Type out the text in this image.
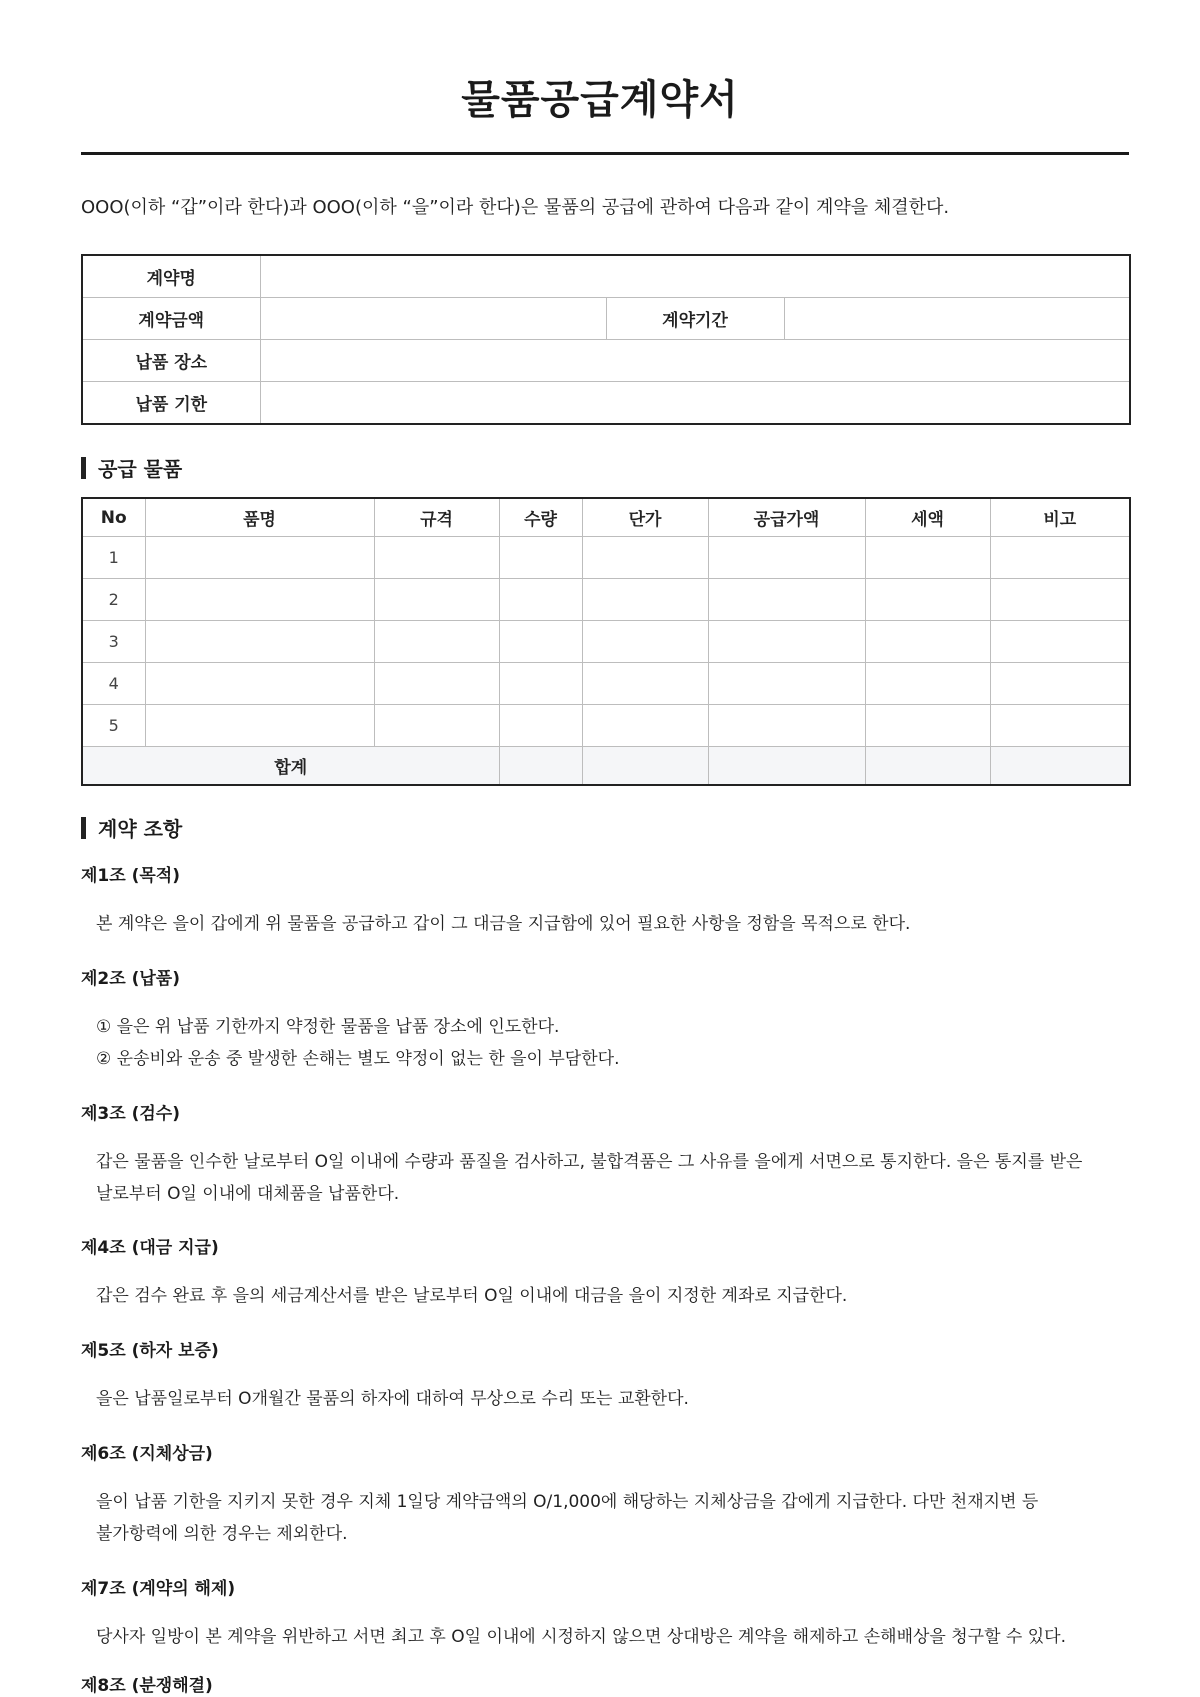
물품공급계약서
OOO(이하 “갑”이라 한다)과 OOO(이하 “을”이라 한다)은 물품의 공급에 관하여 다음과 같이 계약을 체결한다.
계약명			
계약금액		계약기간	
납품 장소			
납품 기한			
공급 물품
No	품명	규격	수량	단가	공급가액	세액	비고
1							
2							
3							
4							
5							
합계							
계약 조항
제1조 (목적)
본 계약은 을이 갑에게 위 물품을 공급하고 갑이 그 대금을 지급함에 있어 필요한 사항을 정함을 목적으로 한다.
제2조 (납품)
① 을은 위 납품 기한까지 약정한 물품을 납품 장소에 인도한다.
② 운송비와 운송 중 발생한 손해는 별도 약정이 없는 한 을이 부담한다.
제3조 (검수)
갑은 물품을 인수한 날로부터 O일 이내에 수량과 품질을 검사하고, 불합격품은 그 사유를 을에게 서면으로 통지한다. 을은 통지를 받은
날로부터 O일 이내에 대체품을 납품한다.
제4조 (대금 지급)
갑은 검수 완료 후 을의 세금계산서를 받은 날로부터 O일 이내에 대금을 을이 지정한 계좌로 지급한다.
제5조 (하자 보증)
을은 납품일로부터 O개월간 물품의 하자에 대하여 무상으로 수리 또는 교환한다.
제6조 (지체상금)
을이 납품 기한을 지키지 못한 경우 지체 1일당 계약금액의 O/1,000에 해당하는 지체상금을 갑에게 지급한다. 다만 천재지변 등
불가항력에 의한 경우는 제외한다.
제7조 (계약의 해제)
당사자 일방이 본 계약을 위반하고 서면 최고 후 O일 이내에 시정하지 않으면 상대방은 계약을 해제하고 손해배상을 청구할 수 있다.
제8조 (분쟁해결)
